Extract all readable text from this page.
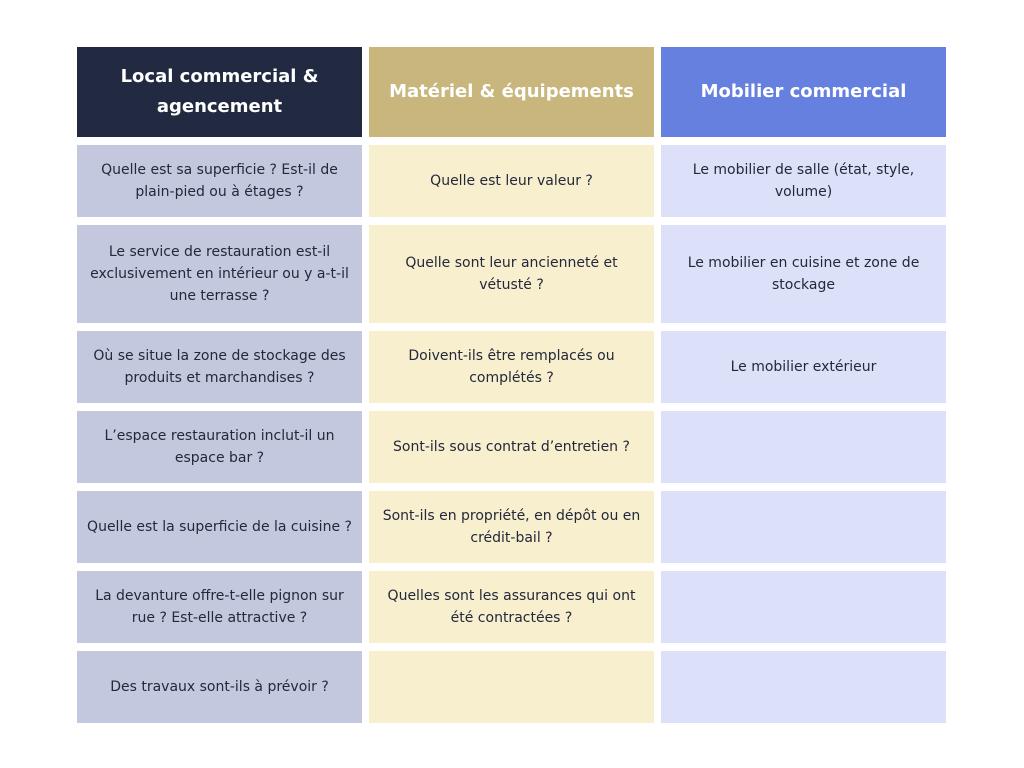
Local commercial & agencement
Quelle est sa superficie ? Est-il de plain-pied ou à étages ?
Le service de restauration est-il exclusivement en intérieur ou y a-t-il une terrasse ?
Où se situe la zone de stockage des produits et marchandises ?
L’espace restauration inclut-il un espace bar ?
Quelle est la superficie de la cuisine ?
La devanture offre-t-elle pignon sur rue ? Est-elle attractive ?
Des travaux sont-ils à prévoir ?
Matériel & équipements
Quelle est leur valeur ?
Quelle sont leur ancienneté et vétusté ?
Doivent-ils être remplacés ou complétés ?
Sont-ils sous contrat d’entretien ?
Sont-ils en propriété, en dépôt ou en crédit-bail ?
Quelles sont les assurances qui ont été contractées ?
Mobilier commercial
Le mobilier de salle (état, style, volume)
Le mobilier en cuisine et zone de stockage
Le mobilier extérieur
